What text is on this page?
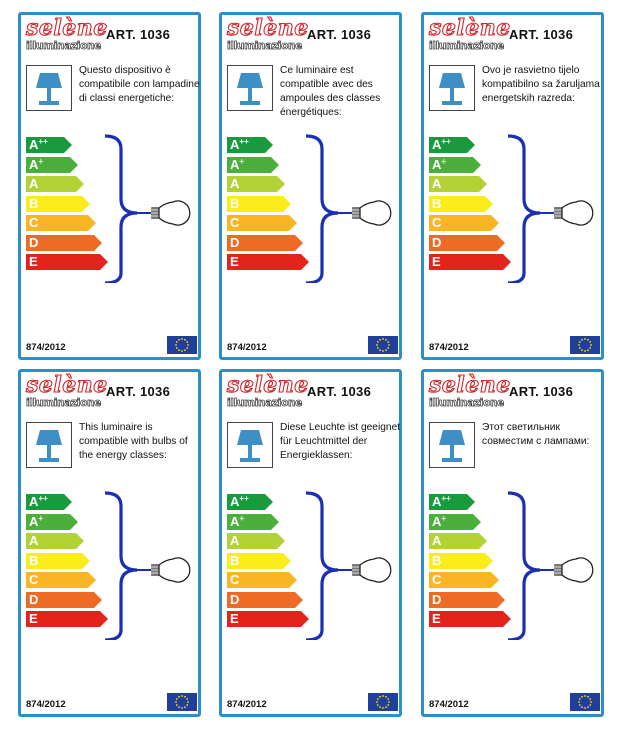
selène
illuminazione
ART. 1036
Questo dispositivo è compatibile con lampadine di classi energetiche:
A++
A+
A
B
C
D
E
874/2012
selène
illuminazione
ART. 1036
Ce luminaire est compatible avec des ampoules des classes énergétiques:
A++
A+
A
B
C
D
E
874/2012
selène
illuminazione
ART. 1036
Ovo je rasvietno tijelo kompatibilno sa žaruljama energetskih razreda:
A++
A+
A
B
C
D
E
874/2012
selène
illuminazione
ART. 1036
This luminaire is compatible with bulbs of the energy classes:
A++
A+
A
B
C
D
E
874/2012
selène
illuminazione
ART. 1036
Diese Leuchte ist geeignet für Leuchtmittel der Energieklassen:
A++
A+
A
B
C
D
E
874/2012
selène
illuminazione
ART. 1036
Этот светильник совместим с лампами:
A++
A+
A
B
C
D
E
874/2012
